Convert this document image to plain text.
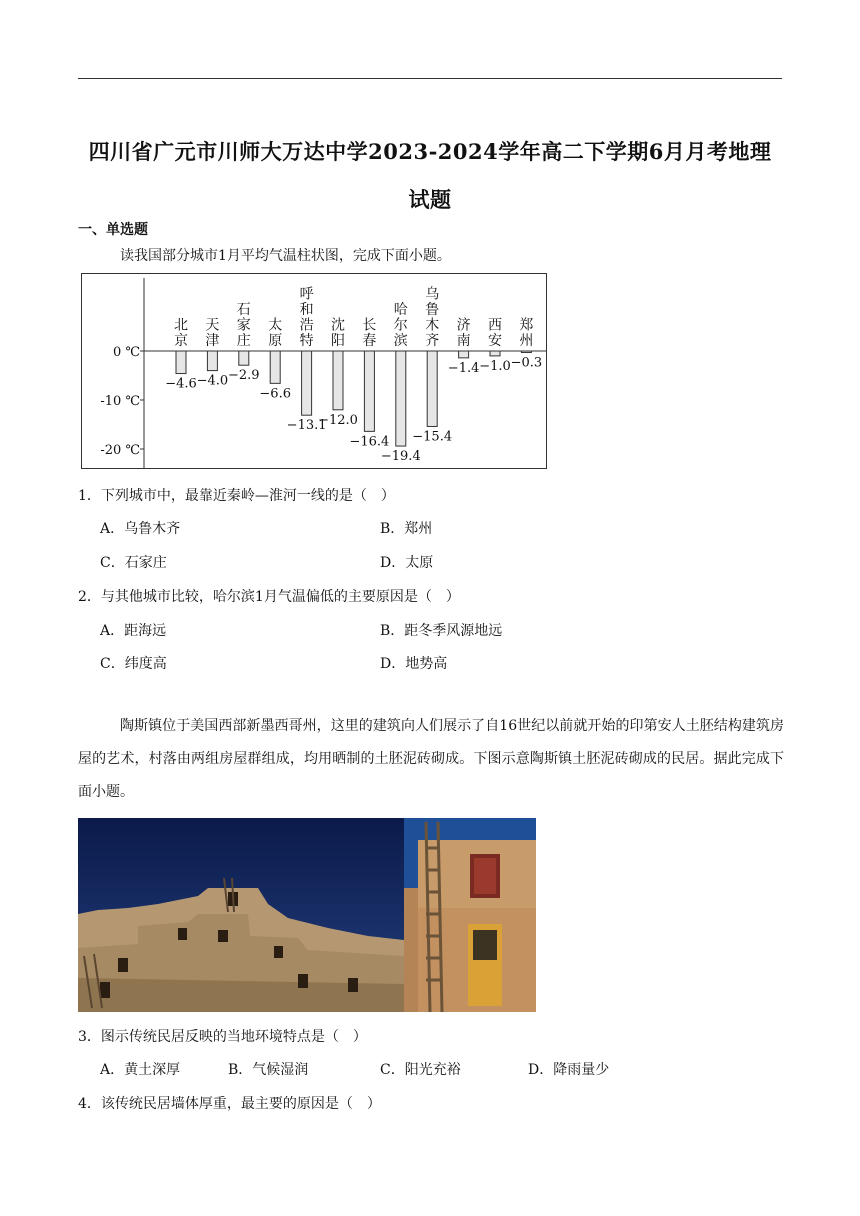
四川省广元市川师大万达中学2023-2024学年高二下学期6月月考地理试题
一、单选题
读我国部分城市1月平均气温柱状图，完成下面小题。
0 ℃
-10 ℃
-20 ℃
−4.6
北
京
−4.0
天
津
−2.9
石
家
庄
−6.6
太
原
−13.1
呼
和
浩
特
−12.0
沈
阳
−16.4
长
春
−19.4
哈
尔
滨
−15.4
乌
鲁
木
齐
−1.4
济
南
−1.0
西
安
−0.3
郑
州
1．下列城市中，最靠近秦岭—淮河一线的是（　）
A．乌鲁木齐	B．郑州
C．石家庄	D．太原
2．与其他城市比较，哈尔滨1月气温偏低的主要原因是（　）
A．距海远	B．距冬季风源地远
C．纬度高	D．地势高
陶斯镇位于美国西部新墨西哥州，这里的建筑向人们展示了自16世纪以前就开始的印第安人土胚结构建筑房屋的艺术，村落由两组房屋群组成，均用晒制的土胚泥砖砌成。下图示意陶斯镇土胚泥砖砌成的民居。据此完成下面小题。
3．图示传统民居反映的当地环境特点是（　）
A．黄土深厚	B．气候湿润	C．阳光充裕	D．降雨量少
4．该传统民居墙体厚重，最主要的原因是（　）
